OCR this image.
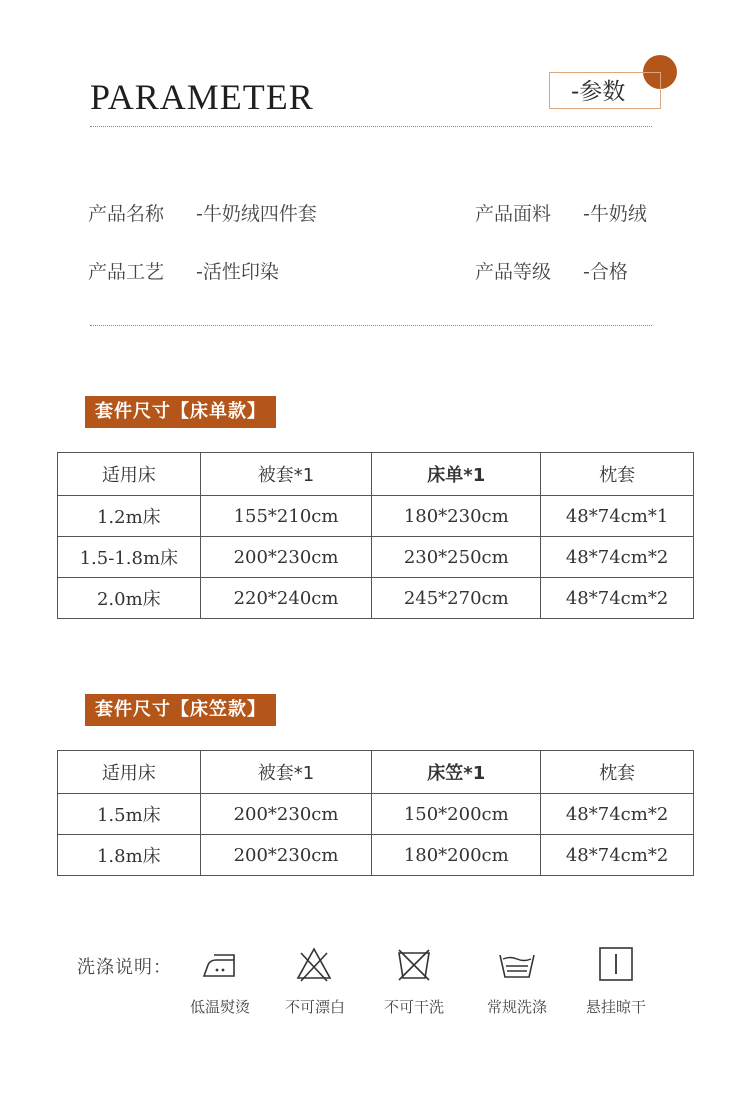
PARAMETER	-参数
产品名称 -牛奶绒四件套	产品面料 -牛奶绒
产品工艺 -活性印染	产品等级 -合格
套件尺寸【床单款】
适用床	被套*1	床单*1	枕套
1.2m床	155*210cm	180*230cm	48*74cm*1
1.5-1.8m床	200*230cm	230*250cm	48*74cm*2
2.0m床	220*240cm	245*270cm	48*74cm*2
套件尺寸【床笠款】
适用床	被套*1	床笠*1	枕套
1.5m床	200*230cm	150*200cm	48*74cm*2
1.8m床	200*230cm	180*200cm	48*74cm*2
洗涤说明：
低温熨烫	不可漂白	不可干洗	常规洗涤	悬挂晾干
